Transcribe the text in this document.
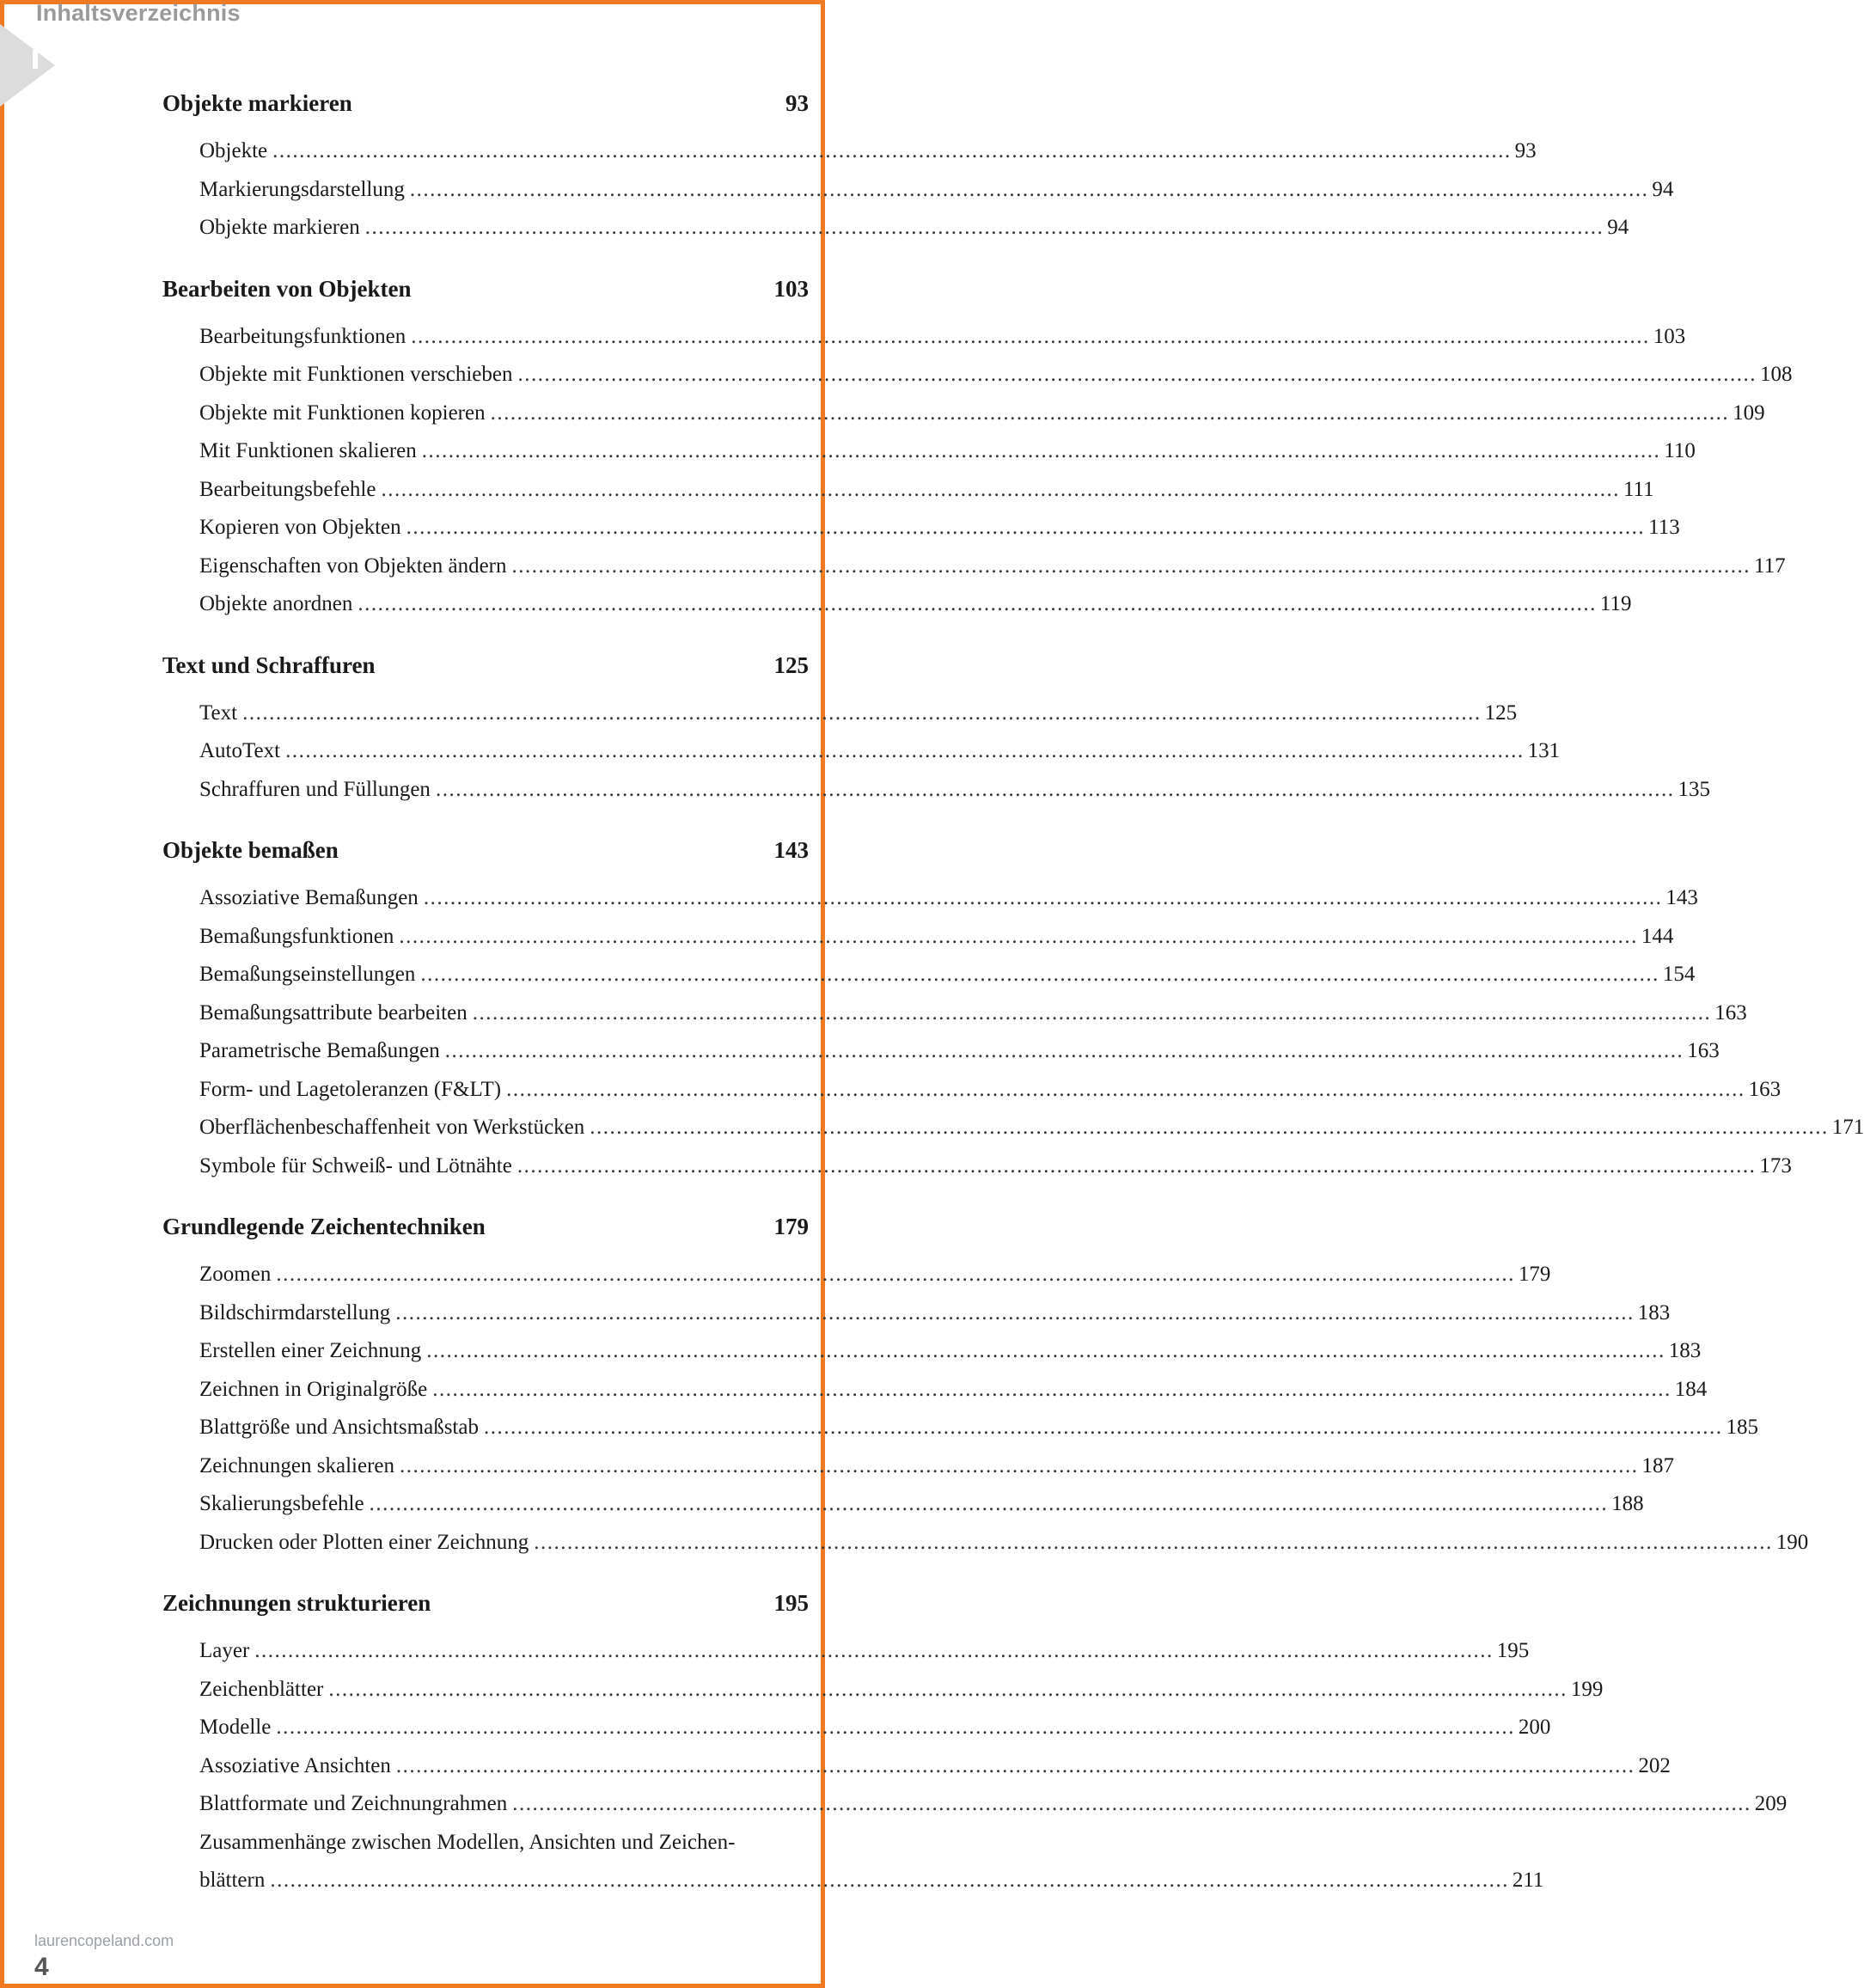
Inhaltsverzeichnis
Objekte markieren	93
Objekte .......................................................................................................................................................................................... 93
Markierungsdarstellung .......................................................................................................................................................................................... 94
Objekte markieren .......................................................................................................................................................................................... 94
Bearbeiten von Objekten	103
Bearbeitungsfunktionen .......................................................................................................................................................................................... 103
Objekte mit Funktionen verschieben .......................................................................................................................................................................................... 108
Objekte mit Funktionen kopieren .......................................................................................................................................................................................... 109
Mit Funktionen skalieren .......................................................................................................................................................................................... 110
Bearbeitungsbefehle .......................................................................................................................................................................................... 111
Kopieren von Objekten .......................................................................................................................................................................................... 113
Eigenschaften von Objekten ändern .......................................................................................................................................................................................... 117
Objekte anordnen .......................................................................................................................................................................................... 119
Text und Schraffuren	125
Text .......................................................................................................................................................................................... 125
AutoText .......................................................................................................................................................................................... 131
Schraffuren und Füllungen .......................................................................................................................................................................................... 135
Objekte bemaßen	143
Assoziative Bemaßungen .......................................................................................................................................................................................... 143
Bemaßungsfunktionen .......................................................................................................................................................................................... 144
Bemaßungseinstellungen .......................................................................................................................................................................................... 154
Bemaßungsattribute bearbeiten .......................................................................................................................................................................................... 163
Parametrische Bemaßungen .......................................................................................................................................................................................... 163
Form- und Lagetoleranzen (F&LT) .......................................................................................................................................................................................... 163
Oberflächenbeschaffenheit von Werkstücken .......................................................................................................................................................................................... 171
Symbole für Schweiß- und Lötnähte .......................................................................................................................................................................................... 173
Grundlegende Zeichentechniken	179
Zoomen .......................................................................................................................................................................................... 179
Bildschirmdarstellung .......................................................................................................................................................................................... 183
Erstellen einer Zeichnung .......................................................................................................................................................................................... 183
Zeichnen in Originalgröße .......................................................................................................................................................................................... 184
Blattgröße und Ansichtsmaßstab .......................................................................................................................................................................................... 185
Zeichnungen skalieren .......................................................................................................................................................................................... 187
Skalierungsbefehle .......................................................................................................................................................................................... 188
Drucken oder Plotten einer Zeichnung .......................................................................................................................................................................................... 190
Zeichnungen strukturieren	195
Layer .......................................................................................................................................................................................... 195
Zeichenblätter .......................................................................................................................................................................................... 199
Modelle .......................................................................................................................................................................................... 200
Assoziative Ansichten .......................................................................................................................................................................................... 202
Blattformate und Zeichnungrahmen .......................................................................................................................................................................................... 209
Zusammenhänge zwischen Modellen, Ansichten und Zeichen-
blättern .......................................................................................................................................................................................... 211
laurencopeland.com
4
